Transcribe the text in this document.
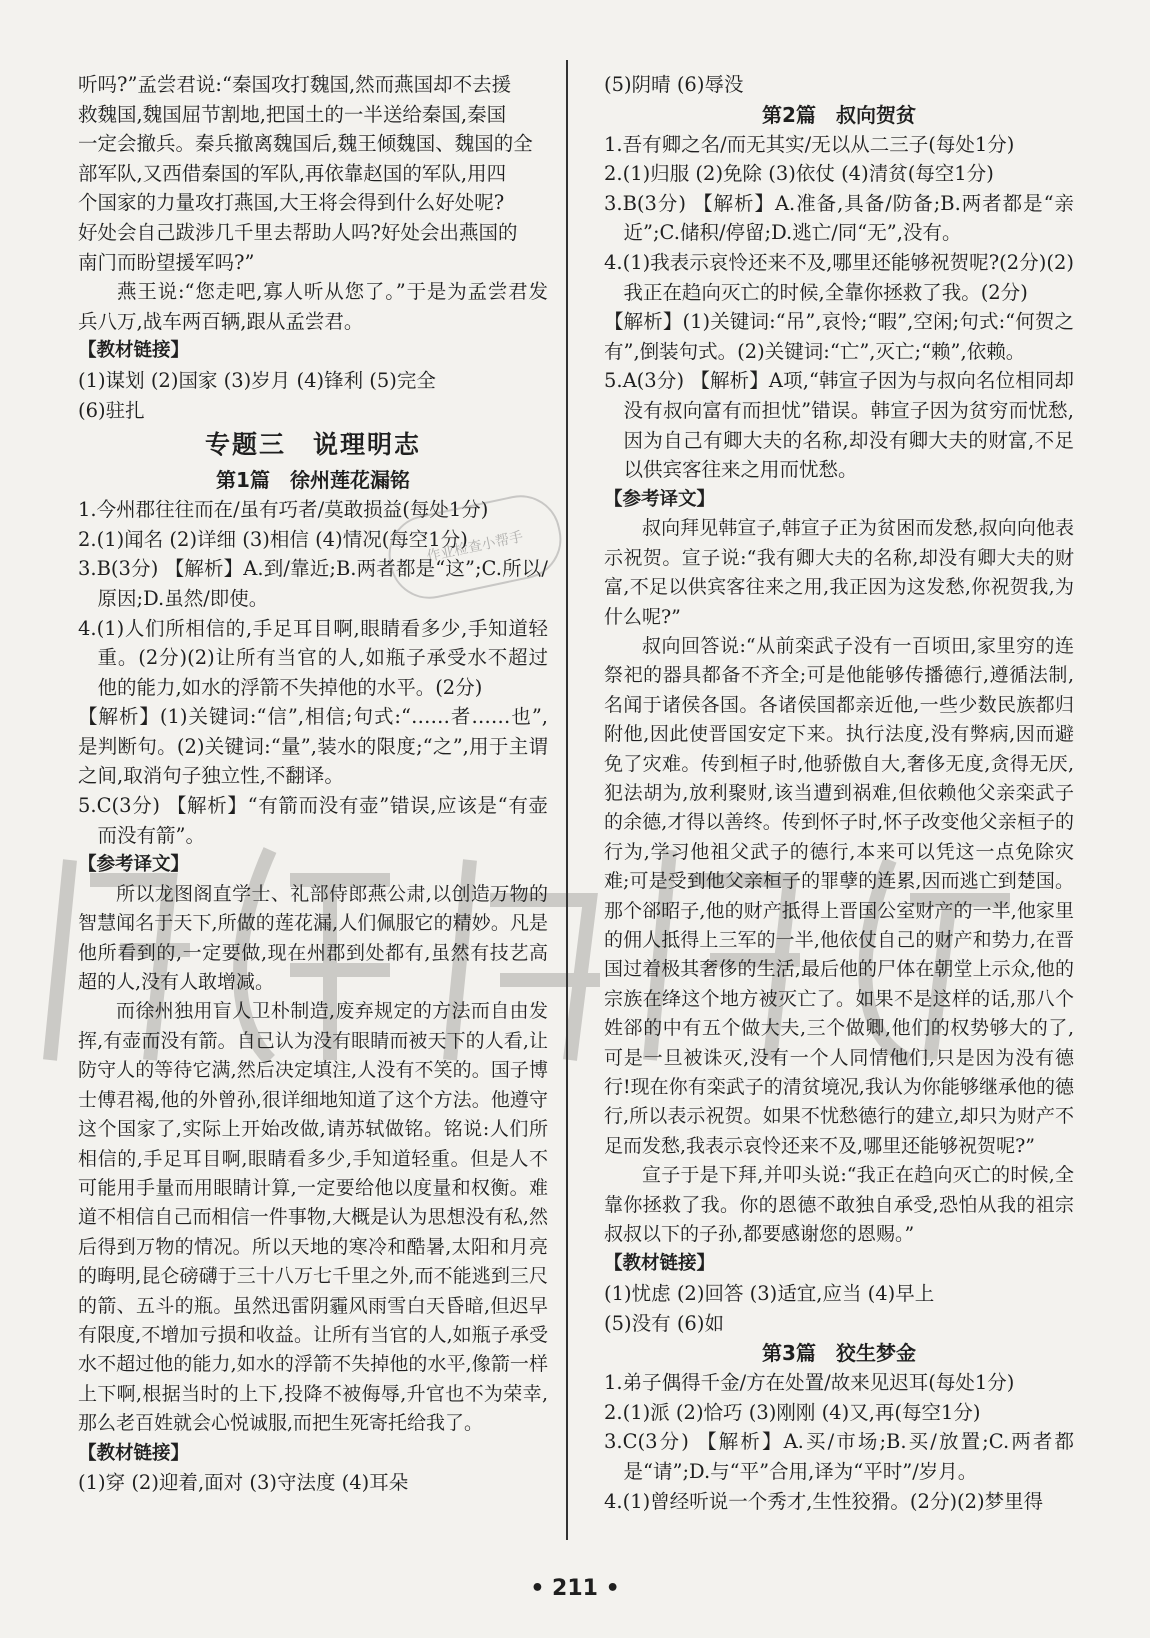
听吗?”孟尝君说:“秦国攻打魏国,然而燕国却不去援
救魏国,魏国屈节割地,把国土的一半送给秦国,秦国
一定会撤兵。秦兵撤离魏国后,魏王倾魏国、魏国的全
部军队,又西借秦国的军队,再依靠赵国的军队,用四
个国家的力量攻打燕国,大王将会得到什么好处呢?
好处会自己跋涉几千里去帮助人吗?好处会出燕国的
南门而盼望援军吗?”
燕王说:“您走吧,寡人听从您了。”于是为孟尝君发兵八万,战车两百辆,跟从孟尝君。
【教材链接】
(1)谋划 (2)国家 (3)岁月 (4)锋利 (5)完全
(6)驻扎
专题三　说理明志
第1篇　徐州莲花漏铭
1.今州郡往往而在/虽有巧者/莫敢损益(每处1分)
2.(1)闻名 (2)详细 (3)相信 (4)情况(每空1分)
3.B(3分) 【解析】A.到/靠近;B.两者都是“这”;C.所以/原因;D.虽然/即使。
4.(1)人们所相信的,手足耳目啊,眼睛看多少,手知道轻重。(2分)(2)让所有当官的人,如瓶子承受水不超过他的能力,如水的浮箭不失掉他的水平。(2分)
【解析】(1)关键词:“信”,相信;句式:“……者……也”,是判断句。(2)关键词:“量”,装水的限度;“之”,用于主谓之间,取消句子独立性,不翻译。
5.C(3分) 【解析】“有箭而没有壶”错误,应该是“有壶而没有箭”。
【参考译文】
所以龙图阁直学士、礼部侍郎燕公肃,以创造万物的智慧闻名于天下,所做的莲花漏,人们佩服它的精妙。凡是他所看到的,一定要做,现在州郡到处都有,虽然有技艺高超的人,没有人敢增减。
而徐州独用盲人卫朴制造,废弃规定的方法而自由发挥,有壶而没有箭。自己认为没有眼睛而被天下的人看,让防守人的等待它满,然后决定填注,人没有不笑的。国子博士傅君褐,他的外曾孙,很详细地知道了这个方法。他遵守这个国家了,实际上开始改做,请苏轼做铭。铭说:人们所相信的,手足耳目啊,眼睛看多少,手知道轻重。但是人不可能用手量而用眼睛计算,一定要给他以度量和权衡。难道不相信自己而相信一件事物,大概是认为思想没有私,然后得到万物的情况。所以天地的寒冷和酷暑,太阳和月亮的晦明,昆仑磅礴于三十八万七千里之外,而不能逃到三尺的箭、五斗的瓶。虽然迅雷阴霾风雨雪白天昏暗,但迟早有限度,不增加亏损和收益。让所有当官的人,如瓶子承受水不超过他的能力,如水的浮箭不失掉他的水平,像箭一样上下啊,根据当时的上下,投降不被侮辱,升官也不为荣幸,那么老百姓就会心悦诚服,而把生死寄托给我了。
【教材链接】
(1)穿 (2)迎着,面对 (3)守法度 (4)耳朵
(5)阴晴 (6)辱没
第2篇　叔向贺贫
1.吾有卿之名/而无其实/无以从二三子(每处1分)
2.(1)归服 (2)免除 (3)依仗 (4)清贫(每空1分)
3.B(3分) 【解析】A.准备,具备/防备;B.两者都是“亲近”;C.储积/停留;D.逃亡/同“无”,没有。
4.(1)我表示哀怜还来不及,哪里还能够祝贺呢?(2分)(2)我正在趋向灭亡的时候,全靠你拯救了我。(2分)
【解析】(1)关键词:“吊”,哀怜;“暇”,空闲;句式:“何贺之有”,倒装句式。(2)关键词:“亡”,灭亡;“赖”,依赖。
5.A(3分) 【解析】A项,“韩宣子因为与叔向名位相同却没有叔向富有而担忧”错误。韩宣子因为贫穷而忧愁,因为自己有卿大夫的名称,却没有卿大夫的财富,不足以供宾客往来之用而忧愁。
【参考译文】
叔向拜见韩宣子,韩宣子正为贫困而发愁,叔向向他表示祝贺。宣子说:“我有卿大夫的名称,却没有卿大夫的财富,不足以供宾客往来之用,我正因为这发愁,你祝贺我,为什么呢?”
叔向回答说:“从前栾武子没有一百顷田,家里穷的连祭祀的器具都备不齐全;可是他能够传播德行,遵循法制,名闻于诸侯各国。各诸侯国都亲近他,一些少数民族都归附他,因此使晋国安定下来。执行法度,没有弊病,因而避免了灾难。传到桓子时,他骄傲自大,奢侈无度,贪得无厌,犯法胡为,放利聚财,该当遭到祸难,但依赖他父亲栾武子的余德,才得以善终。传到怀子时,怀子改变他父亲桓子的行为,学习他祖父武子的德行,本来可以凭这一点免除灾难;可是受到他父亲桓子的罪孽的连累,因而逃亡到楚国。那个郤昭子,他的财产抵得上晋国公室财产的一半,他家里的佣人抵得上三军的一半,他依仗自己的财产和势力,在晋国过着极其奢侈的生活,最后他的尸体在朝堂上示众,他的宗族在绛这个地方被灭亡了。如果不是这样的话,那八个姓郤的中有五个做大夫,三个做卿,他们的权势够大的了,可是一旦被诛灭,没有一个人同情他们,只是因为没有德行!现在你有栾武子的清贫境况,我认为你能够继承他的德行,所以表示祝贺。如果不忧愁德行的建立,却只为财产不足而发愁,我表示哀怜还来不及,哪里还能够祝贺呢?”
宣子于是下拜,并叩头说:“我正在趋向灭亡的时候,全靠你拯救了我。你的恩德不敢独自承受,恐怕从我的祖宗叔叔以下的子孙,都要感谢您的恩赐。”
【教材链接】
(1)忧虑 (2)回答 (3)适宜,应当 (4)早上
(5)没有 (6)如
第3篇　狡生梦金
1.弟子偶得千金/方在处置/故来见迟耳(每处1分)
2.(1)派 (2)恰巧 (3)刚刚 (4)又,再(每空1分)
3.C(3分) 【解析】A.买/市场;B.买/放置;C.两者都是“请”;D.与“平”合用,译为“平时”/岁月。
4.(1)曾经听说一个秀才,生性狡猾。(2分)(2)梦里得
作业检查小帮手
• 211 •
